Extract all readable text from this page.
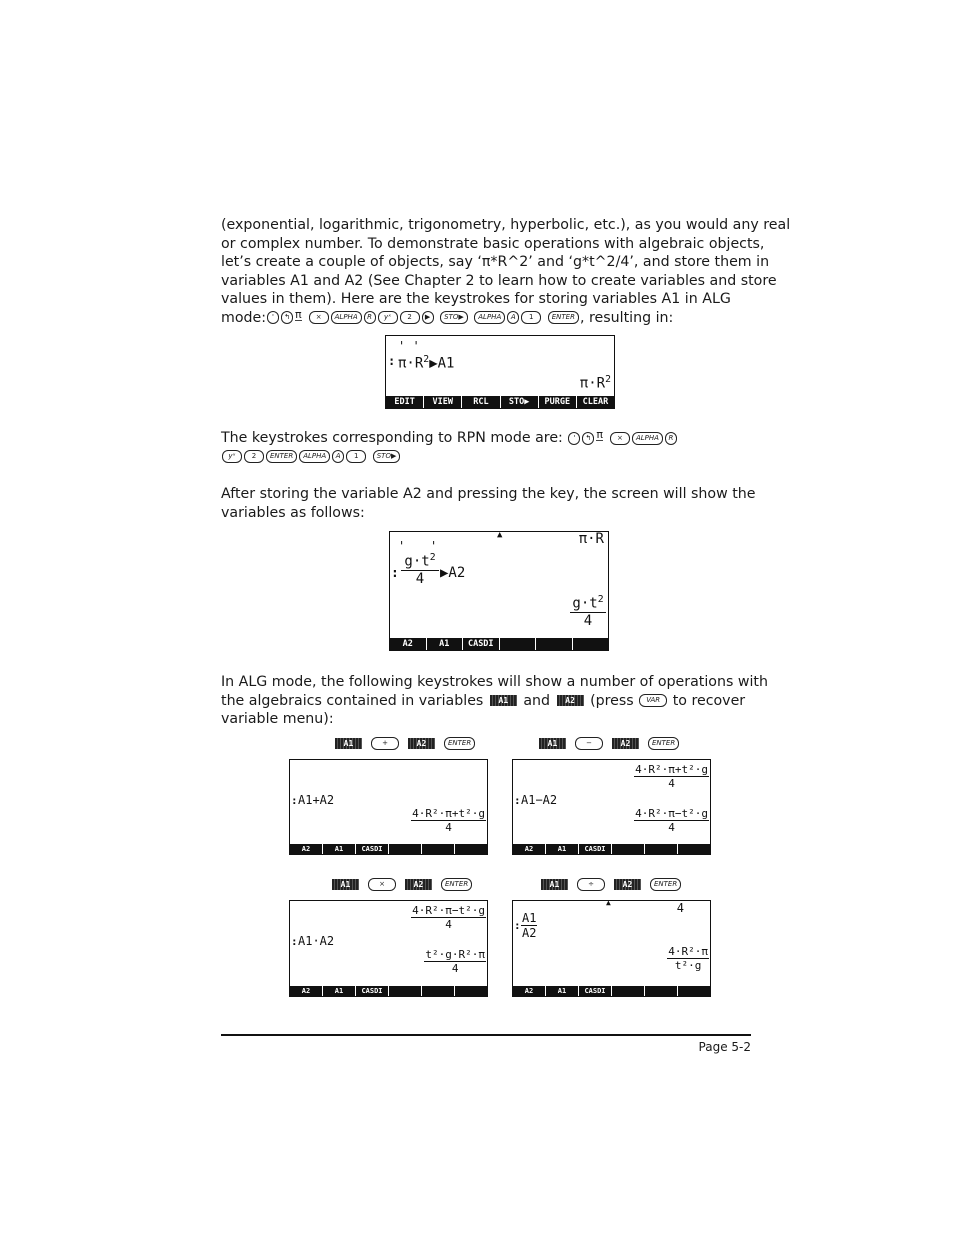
(exponential, logarithmic, trigonometry, hyperbolic, etc.), as you would any real
or complex number. To demonstrate basic operations with algebraic objects,
let’s create a couple of objects, say ‘π*R^2’ and ‘g*t^2/4’, and store them in
variables A1 and A2 (See Chapter 2 to learn how to create variables and store
values in them). Here are the keystrokes for storing variables A1 in ALG
mode: ' ↰ π × ALPHA R yˣ 2 ▶ STO▶ ALPHA A 1	ENTER , resulting in:
:
' '
$\pi\cdot R^2▶A1$
$\pi\cdot R^2$
EDIT	VIEW	RCL	STO▶	PURGE	CLEAR
The keystrokes corresponding to RPN mode are: ' ↰ π × ALPHA R
yˣ 2 ENTER ALPHA A 1	STO▶
After storing the variable A2 and pressing the key, the screen will show the
variables as follows:
▲	π·R
' '
: $\frac{g\cdot t^2}{4}$ ▶A2
$\frac{g\cdot t^2}{4}$
A2	A1	CASDI
In ALG mode, the following keystrokes will show a number of operations with
the algebraics contained in variables A1 and A2 (press VAR to recover
variable menu):
A1	+	A2	ENTER	A1	−	A2	ENTER
A1	×	A2	ENTER	A1	÷	A2	ENTER
: A1+A2
$\frac{\text{4·R²·π+t²·g}}{4}$
A2	A1	CASDI
$\frac{\text{4·R²·π+t²·g}}{4}$
: A1−A2
$\frac{\text{4·R²·π−t²·g}}{4}$
A2	A1	CASDI
$\frac{\text{4·R²·π−t²·g}}{4}$
: A1·A2
$\frac{\text{t²·g·R²·π}}{4}$
A2	A1	CASDI
▲	4
: $\frac{A1}{A2}$
$\frac{\text{4·R²·π}}{\text{t²·g}}$
A2	A1	CASDI
Page 5-2
